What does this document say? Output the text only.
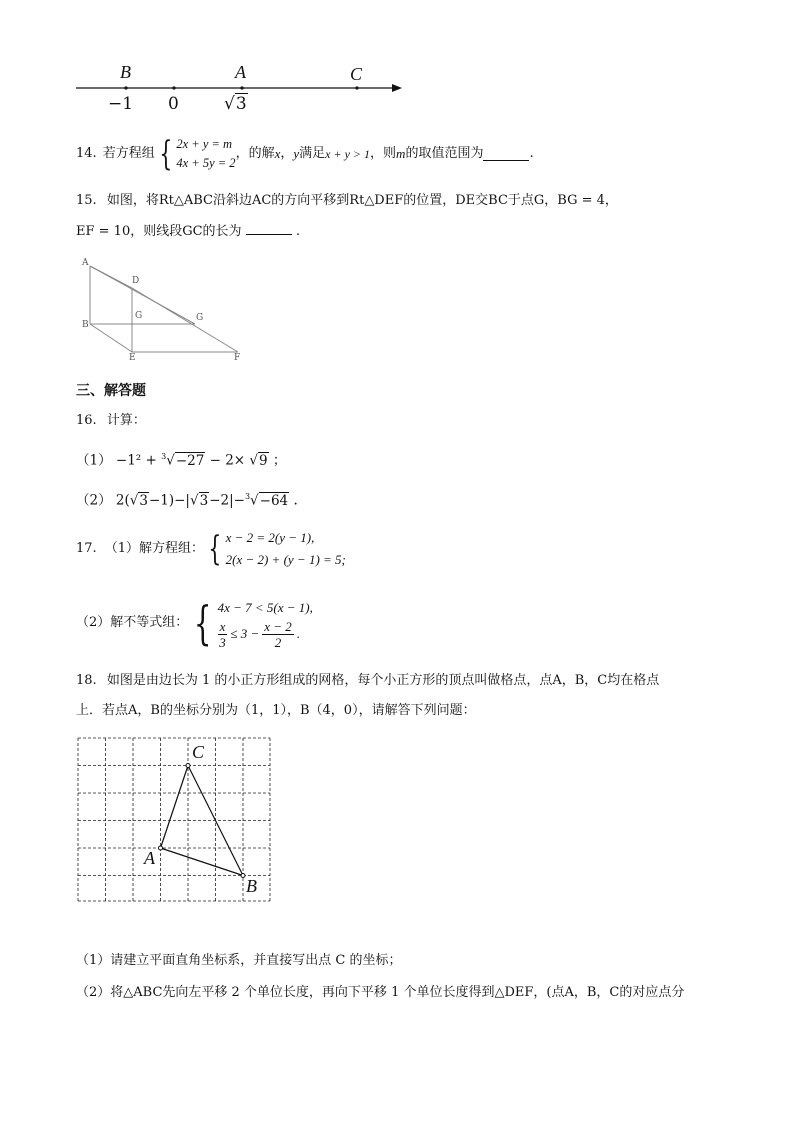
B	A	C
−1 0	√3
14. 若方程组 { 2x + y = m
4x + 5y = 2
，的解 x ， y 满足 x + y > 1 ，则 m 的取值范围为	.
15. 如图，将Rt△ABC沿斜边AC的方向平移到Rt△DEF的位置，DE交BC于点G，BG = 4，
EF = 10，则线段GC的长为	.
A
D
B
G	G
E	F
三、解答题
16. 计算：
（1） −1² + $^3$√−27 − 2× √9 ；
（2） 2(√3−1)−|√3−2|−$^3$√−64 .
17. （1）解方程组： { x − 2 = 2(y − 1),
2(x − 2) + (y − 1) = 5;
（2）解不等式组： { 4x − 7 < 5(x − 1),
$\frac{x}{3} \le 3 - \frac{x - 2}{2}$ .
18. 如图是由边长为 1 的小正方形组成的网格，每个小正方形的顶点叫做格点，点A，B，C均在格点
上．若点A，B的坐标分别为（1，1），B（4，0），请解答下列问题：
C
A
B
（1）请建立平面直角坐标系，并直接写出点 C 的坐标；
（2）将△ABC先向左平移 2 个单位长度，再向下平移 1 个单位长度得到△DEF，(点A，B，C的对应点分
